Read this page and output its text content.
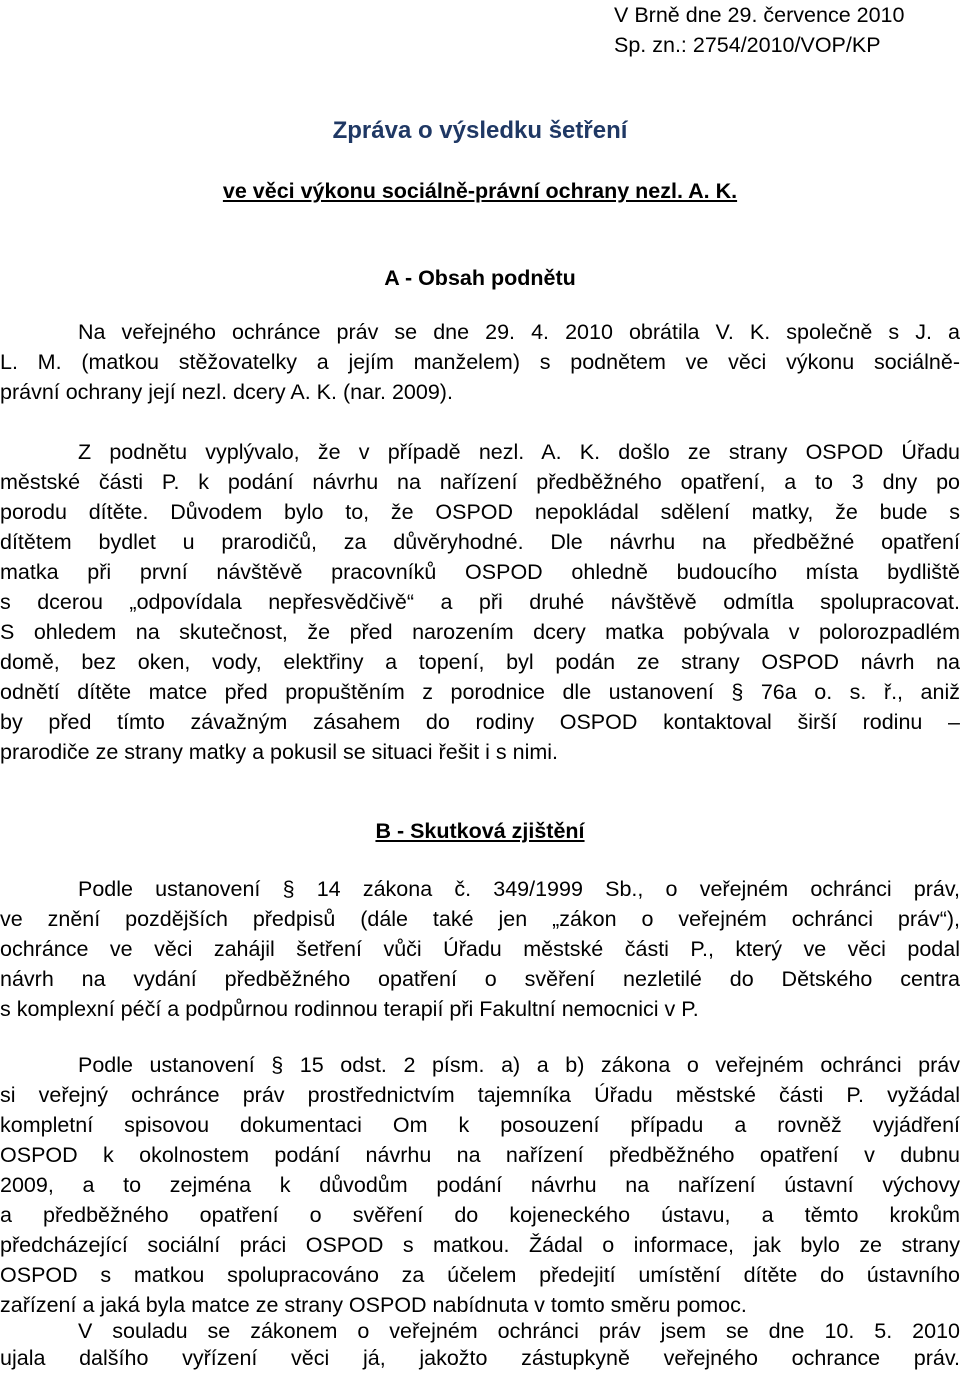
V Brně dne 29. července 2010
Sp. zn.: 2754/2010/VOP/KP
Zpráva o výsledku šetření
ve věci výkonu sociálně-právní ochrany nezl. A. K.
A - Obsah podnětu
Na veřejného ochránce práv se dne 29. 4. 2010 obrátila V. K. společně s J. a
L. M. (matkou stěžovatelky a jejím manželem) s podnětem ve věci výkonu sociálně-
právní ochrany její nezl. dcery A. K. (nar. 2009).
Z podnětu vyplývalo, že v případě nezl. A. K. došlo ze strany OSPOD Úřadu
městské části P. k podání návrhu na nařízení předběžného opatření, a to 3 dny po
porodu dítěte. Důvodem bylo to, že OSPOD nepokládal sdělení matky, že bude s
dítětem bydlet u prarodičů, za důvěryhodné. Dle návrhu na předběžné opatření
matka při první návštěvě pracovníků OSPOD ohledně budoucího místa bydliště
s dcerou „odpovídala nepřesvědčivě“ a při druhé návštěvě odmítla spolupracovat.
S ohledem na skutečnost, že před narozením dcery matka pobývala v polorozpadlém
domě, bez oken, vody, elektřiny a topení, byl podán ze strany OSPOD návrh na
odnětí dítěte matce před propuštěním z porodnice dle ustanovení § 76a o. s. ř., aniž
by před tímto závažným zásahem do rodiny OSPOD kontaktoval širší rodinu –
prarodiče ze strany matky a pokusil se situaci řešit i s nimi.
B - Skutková zjištění
Podle ustanovení § 14 zákona č. 349/1999 Sb., o veřejném ochránci práv,
ve znění pozdějších předpisů (dále také jen „zákon o veřejném ochránci práv“),
ochránce ve věci zahájil šetření vůči Úřadu městské části P., který ve věci podal
návrh na vydání předběžného opatření o svěření nezletilé do Dětského centra
s komplexní péčí a podpůrnou rodinnou terapií při Fakultní nemocnici v P.
Podle ustanovení § 15 odst. 2 písm. a) a b) zákona o veřejném ochránci práv
si veřejný ochránce práv prostřednictvím tajemníka Úřadu městské části P. vyžádal
kompletní spisovou dokumentaci Om k posouzení případu a rovněž vyjádření
OSPOD k okolnostem podání návrhu na nařízení předběžného opatření v dubnu
2009, a to zejména k důvodům podání návrhu na nařízení ústavní výchovy
a předběžného opatření o svěření do kojeneckého ústavu, a těmto krokům
předcházející sociální práci OSPOD s matkou. Žádal o informace, jak bylo ze strany
OSPOD s matkou spolupracováno za účelem předejití umístění dítěte do ústavního
zařízení a jaká byla matce ze strany OSPOD nabídnuta v tomto směru pomoc.
V souladu se zákonem o veřejném ochránci práv jsem se dne 10. 5. 2010
ujala dalšího vyřízení věci já, jakožto zástupkyně veřejného ochrance práv.
